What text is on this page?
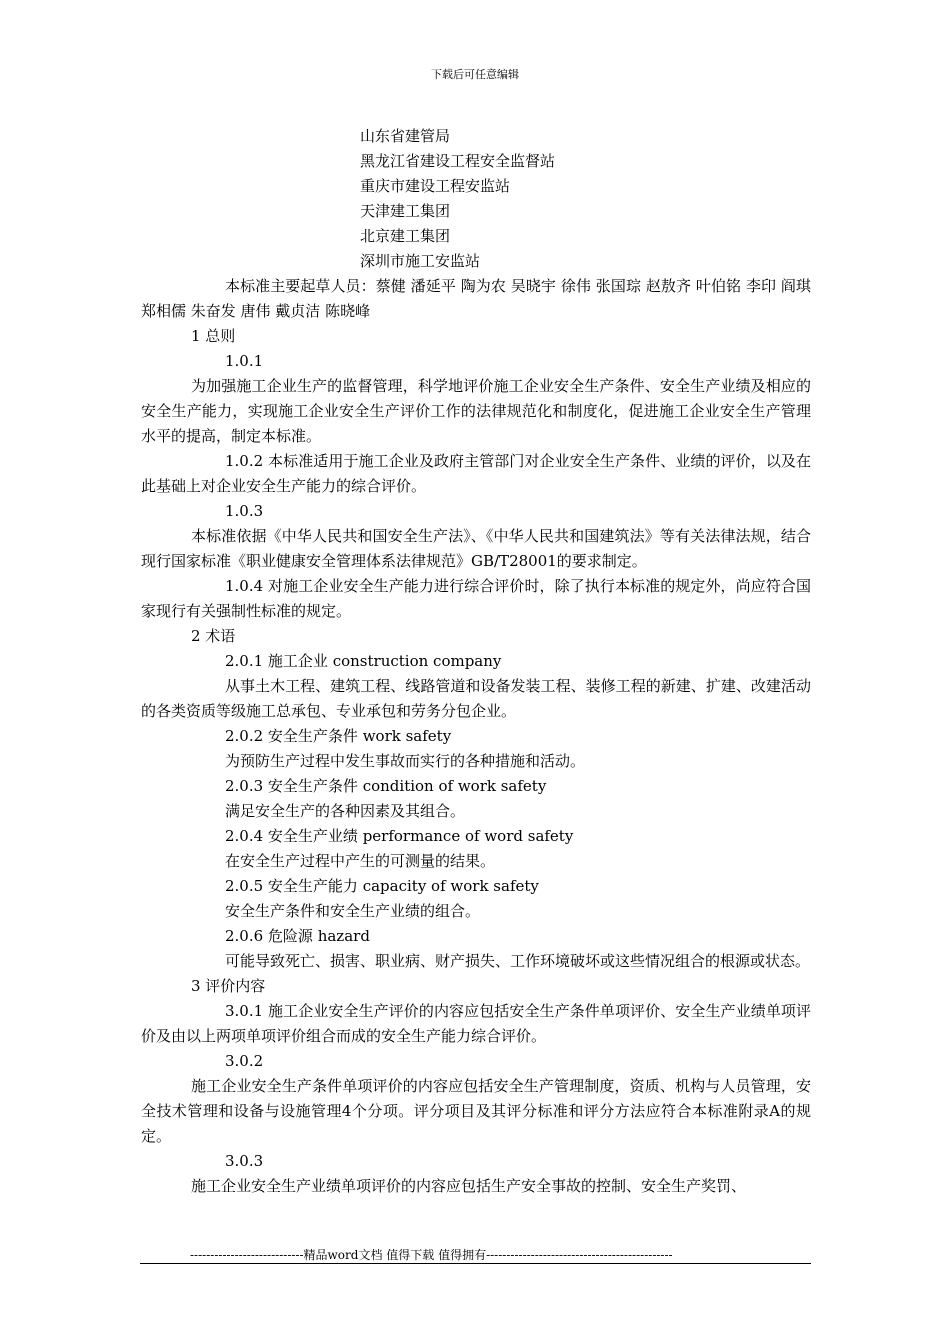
下载后可任意编辑
山东省建管局
黑龙江省建设工程安全监督站
重庆市建设工程安监站
天津建工集团
北京建工集团
深圳市施工安监站

本标准主要起草人员：蔡健 潘延平 陶为农 吴晓宇 徐伟 张国琮 赵敖齐 叶伯铭 李印 阎琪 郑相儒 朱奋发 唐伟 戴贞洁 陈晓峰

1 总则

1.0.1

为加强施工企业生产的监督管理，科学地评价施工企业安全生产条件、安全生产业绩及相应的安全生产能力，实现施工企业安全生产评价工作的法律规范化和制度化，促进施工企业安全生产管理水平的提高，制定本标准。

1.0.2 本标准适用于施工企业及政府主管部门对企业安全生产条件、业绩的评价，以及在此基础上对企业安全生产能力的综合评价。

1.0.3

本标准依据《中华人民共和国安全生产法》、《中华人民共和国建筑法》等有关法律法规，结合现行国家标准《职业健康安全管理体系法律规范》GB/T28001的要求制定。

1.0.4 对施工企业安全生产能力进行综合评价时，除了执行本标准的规定外，尚应符合国家现行有关强制性标准的规定。

2 术语

2.0.1 施工企业 construction company

从事土木工程、建筑工程、线路管道和设备发装工程、装修工程的新建、扩建、改建活动的各类资质等级施工总承包、专业承包和劳务分包企业。

2.0.2 安全生产条件 work safety

为预防生产过程中发生事故而实行的各种措施和活动。

2.0.3 安全生产条件 condition of work safety

满足安全生产的各种因素及其组合。

2.0.4 安全生产业绩 performance of word safety

在安全生产过程中产生的可测量的结果。

2.0.5 安全生产能力 capacity of work safety

安全生产条件和安全生产业绩的组合。

2.0.6 危险源 hazard

可能导致死亡、损害、职业病、财产损失、工作环境破坏或这些情况组合的根源或状态。

3 评价内容

3.0.1 施工企业安全生产评价的内容应包括安全生产条件单项评价、安全生产业绩单项评价及由以上两项单项评价组合而成的安全生产能力综合评价。

3.0.2

施工企业安全生产条件单项评价的内容应包括安全生产管理制度，资质、机构与人员管理，安全技术管理和设备与设施管理4个分项。评分项目及其评分标准和评分方法应符合本标准附录A的规定。

3.0.3

施工企业安全生产业绩单项评价的内容应包括生产安全事故的控制、安全生产奖罚、

----------------------------精品word文档 值得下载 值得拥有----------------------------------------------
